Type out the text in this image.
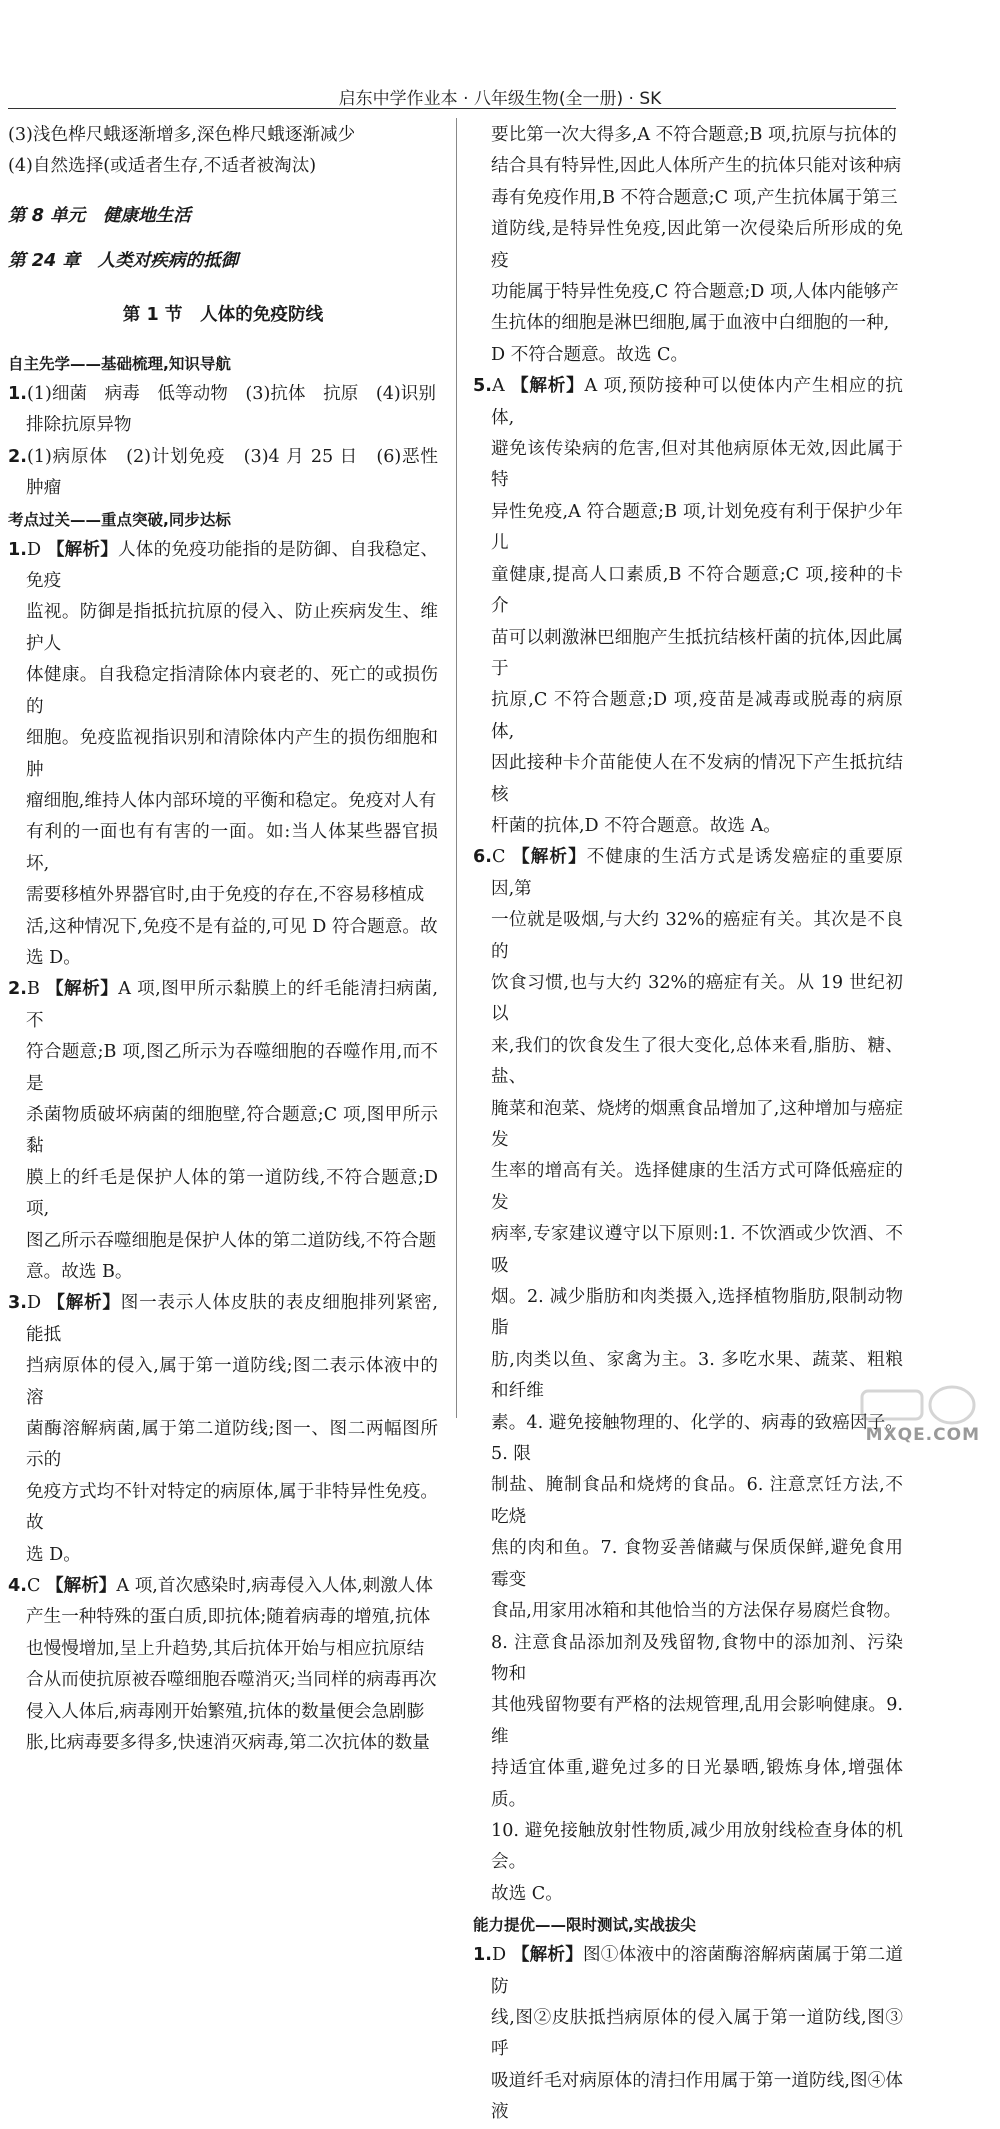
启东中学作业本 · 八年级生物(全一册) · SK

(3)浅色桦尺蛾逐渐增多,深色桦尺蛾逐渐减少

(4)自然选择(或适者生存,不适者被淘汰)

第 8 单元　健康地生活

第 24 章　人类对疾病的抵御

第 1 节　人体的免疫防线

自主先学——基础梳理,知识导航

1.(1)细菌　病毒　低等动物　(3)抗体　抗原　(4)识别

排除抗原异物

2.(1)病原体　(2)计划免疫　(3)4 月 25 日　(6)恶性肿瘤

考点过关——重点突破,同步达标

1.D 【解析】人体的免疫功能指的是防御、自我稳定、免疫

监视。防御是指抵抗抗原的侵入、防止疾病发生、维护人

体健康。自我稳定指清除体内衰老的、死亡的或损伤的

细胞。免疫监视指识别和清除体内产生的损伤细胞和肿

瘤细胞,维持人体内部环境的平衡和稳定。免疫对人有

有利的一面也有有害的一面。如:当人体某些器官损坏,

需要移植外界器官时,由于免疫的存在,不容易移植成

活,这种情况下,免疫不是有益的,可见 D 符合题意。故

选 D。

2.B 【解析】A 项,图甲所示黏膜上的纤毛能清扫病菌,不

符合题意;B 项,图乙所示为吞噬细胞的吞噬作用,而不是

杀菌物质破坏病菌的细胞壁,符合题意;C 项,图甲所示黏

膜上的纤毛是保护人体的第一道防线,不符合题意;D 项,

图乙所示吞噬细胞是保护人体的第二道防线,不符合题

意。故选 B。

3.D 【解析】图一表示人体皮肤的表皮细胞排列紧密,能抵

挡病原体的侵入,属于第一道防线;图二表示体液中的溶

菌酶溶解病菌,属于第二道防线;图一、图二两幅图所示的

免疫方式均不针对特定的病原体,属于非特异性免疫。故

选 D。

4.C 【解析】A 项,首次感染时,病毒侵入人体,刺激人体

产生一种特殊的蛋白质,即抗体;随着病毒的增殖,抗体

也慢慢增加,呈上升趋势,其后抗体开始与相应抗原结

合从而使抗原被吞噬细胞吞噬消灭;当同样的病毒再次

侵入人体后,病毒刚开始繁殖,抗体的数量便会急剧膨

胀,比病毒要多得多,快速消灭病毒,第二次抗体的数量

要比第一次大得多,A 不符合题意;B 项,抗原与抗体的

结合具有特异性,因此人体所产生的抗体只能对该种病

毒有免疫作用,B 不符合题意;C 项,产生抗体属于第三

道防线,是特异性免疫,因此第一次侵染后所形成的免疫

功能属于特异性免疫,C 符合题意;D 项,人体内能够产

生抗体的细胞是淋巴细胞,属于血液中白细胞的一种,

D 不符合题意。故选 C。

5.A 【解析】A 项,预防接种可以使体内产生相应的抗体,

避免该传染病的危害,但对其他病原体无效,因此属于特

异性免疫,A 符合题意;B 项,计划免疫有利于保护少年儿

童健康,提高人口素质,B 不符合题意;C 项,接种的卡介

苗可以刺激淋巴细胞产生抵抗结核杆菌的抗体,因此属于

抗原,C 不符合题意;D 项,疫苗是减毒或脱毒的病原体,

因此接种卡介苗能使人在不发病的情况下产生抵抗结核

杆菌的抗体,D 不符合题意。故选 A。

6.C 【解析】不健康的生活方式是诱发癌症的重要原因,第

一位就是吸烟,与大约 32%的癌症有关。其次是不良的

饮食习惯,也与大约 32%的癌症有关。从 19 世纪初以

来,我们的饮食发生了很大变化,总体来看,脂肪、糖、盐、

腌菜和泡菜、烧烤的烟熏食品增加了,这种增加与癌症发

生率的增高有关。选择健康的生活方式可降低癌症的发

病率,专家建议遵守以下原则:1. 不饮酒或少饮酒、不吸

烟。2. 减少脂肪和肉类摄入,选择植物脂肪,限制动物脂

肪,肉类以鱼、家禽为主。3. 多吃水果、蔬菜、粗粮和纤维

素。4. 避免接触物理的、化学的、病毒的致癌因子。5. 限

制盐、腌制食品和烧烤的食品。6. 注意烹饪方法,不吃烧

焦的肉和鱼。7. 食物妥善储藏与保质保鲜,避免食用霉变

食品,用家用冰箱和其他恰当的方法保存易腐烂食物。

8. 注意食品添加剂及残留物,食物中的添加剂、污染物和

其他残留物要有严格的法规管理,乱用会影响健康。9. 维

持适宜体重,避免过多的日光暴晒,锻炼身体,增强体质。

10. 避免接触放射性物质,减少用放射线检查身体的机会。

故选 C。

能力提优——限时测试,实战拔尖

1.D 【解析】图①体液中的溶菌酶溶解病菌属于第二道防

线,图②皮肤抵挡病原体的侵入属于第一道防线,图③呼

吸道纤毛对病原体的清扫作用属于第一道防线,图④体液

MXQE.COM
